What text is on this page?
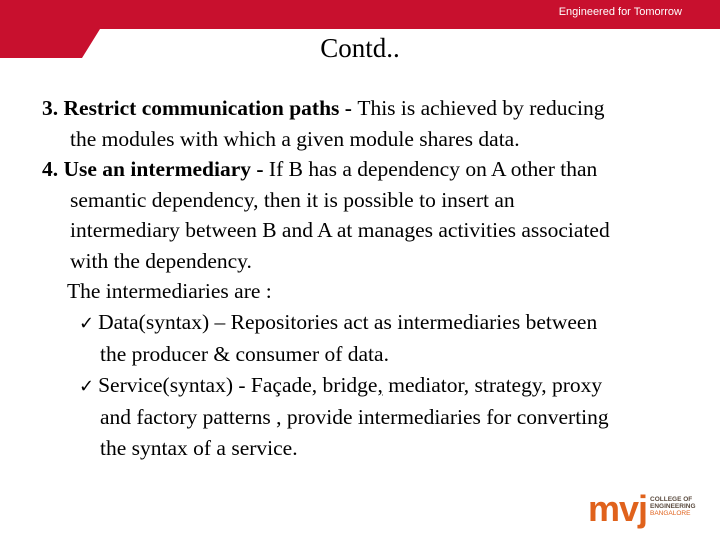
Engineered for Tomorrow
Contd..
3. Restrict communication paths - This is achieved by reducing
the modules with which a given module shares data.
4. Use an intermediary - If B has a dependency on A other than
semantic dependency, then it is possible to insert an
intermediary between B and A at manages activities associated
with the dependency.
The intermediaries are :
✓ Data(syntax) – Repositories act as intermediaries between
the producer & consumer of data.
✓ Service(syntax) - Façade, bridge, mediator, strategy, proxy
and factory patterns , provide intermediaries for converting
the syntax of a service.
mvj COLLEGE OF
ENGINEERING
BANGALORE
